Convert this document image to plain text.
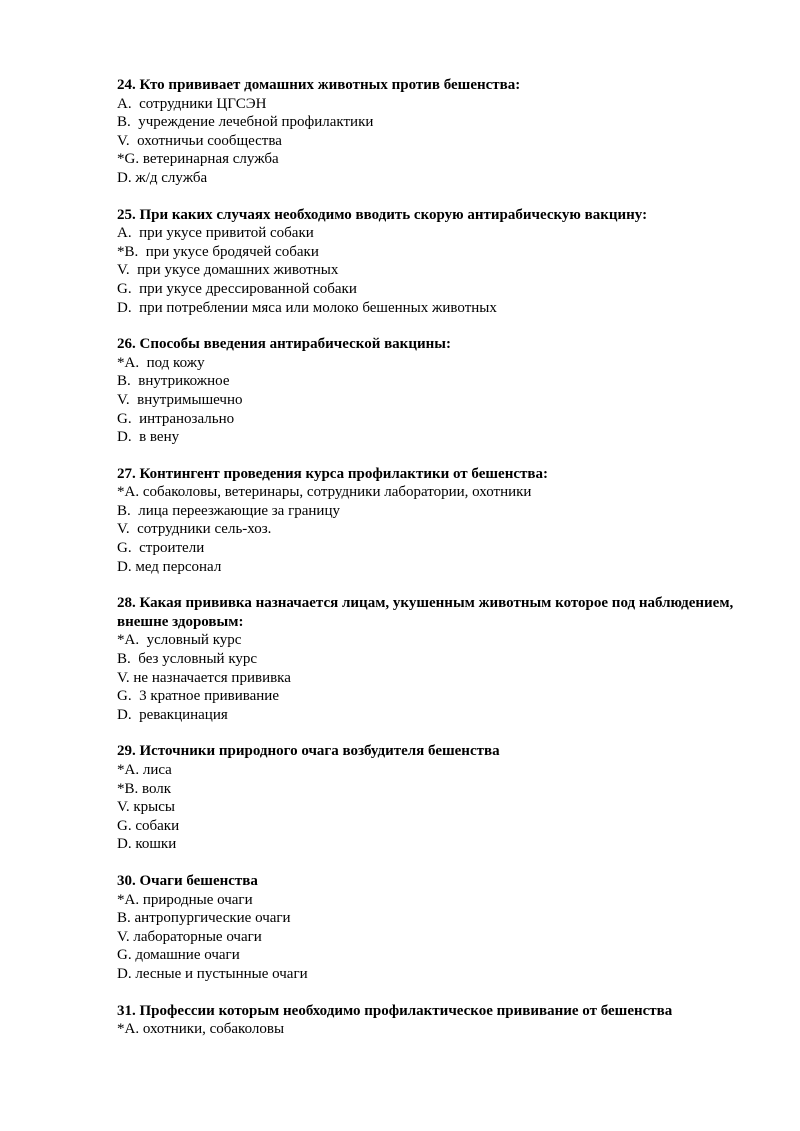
24. Кто прививает домашних животных против бешенства:

A.  сотрудники ЦГСЭН

B.  учреждение лечебной профилактики

V.  охотничьи сообщества

*G. ветеринарная служба

D. ж/д служба

25. При каких случаях необходимо вводить скорую антирабическую вакцину:

A.  при укусе привитой собаки

*B.  при укусе бродячей собаки

V.  при укусе домашних животных

G.  при укусе дрессированной собаки

D.  при потреблении мяса или молоко бешенных животных

26. Способы введения антирабической вакцины:

*A.  под кожу

B.  внутрикожное

V.  внутримышечно

G.  интранозально

D.  в вену

27. Контингент проведения курса профилактики от бешенства:

*A. собаколовы, ветеринары, сотрудники лаборатории, охотники

B.  лица переезжающие за границу

V.  сотрудники сель-хоз.

G.  строители

D. мед персонал

28. Какая прививка назначается лицам, укушенным животным которое под наблюдением, внешне здоровым:

*A.  условный курс

B.  без условный курс

V. не назначается прививка

G.  3 кратное прививание

D.  ревакцинация

29. Источники природного очага возбудителя бешенства

*A. лиса

*B. волк

V. крысы

G. собаки

D. кошки

30. Очаги бешенства

*A. природные очаги

B. антропургические очаги

V. лабораторные очаги

G. домашние очаги

D. лесные и пустынные очаги

31. Профессии которым необходимо профилактическое прививание от бешенства

*A. охотники, собаколовы
